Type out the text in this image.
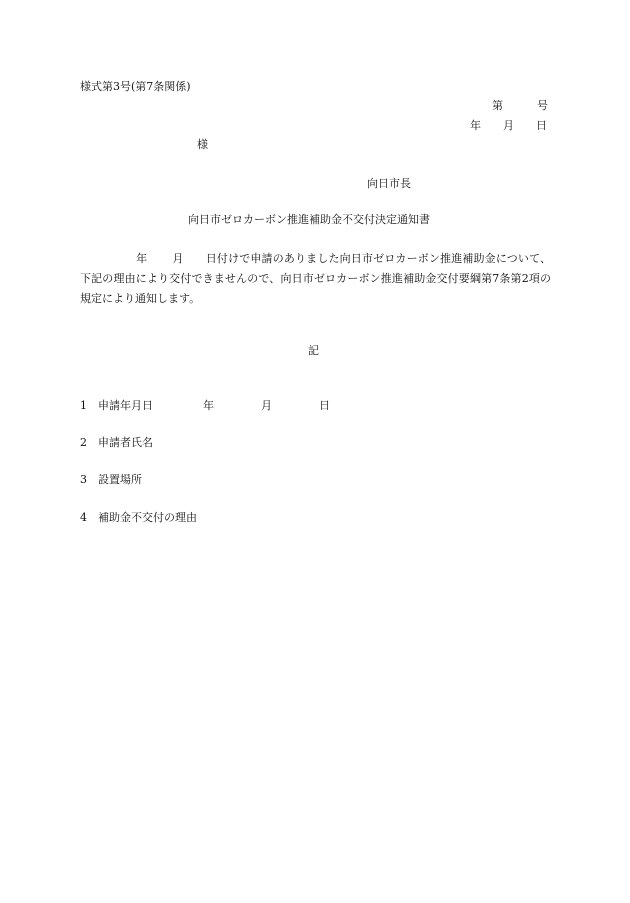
様式第3号(第7条関係)
第	号
年 月 日
様
向日市長
向日市ゼロカーボン推進補助金不交付決定通知書
年 月 日付けで申請のありました向日市ゼロカーボン推進補助金について、下記の理由により交付できませんので、向日市ゼロカーボン推進補助金交付要綱第7条第2項の規定により通知します。
記
1 申請年月日	年	月	日
2 申請者氏名
3 設置場所
4 補助金不交付の理由
